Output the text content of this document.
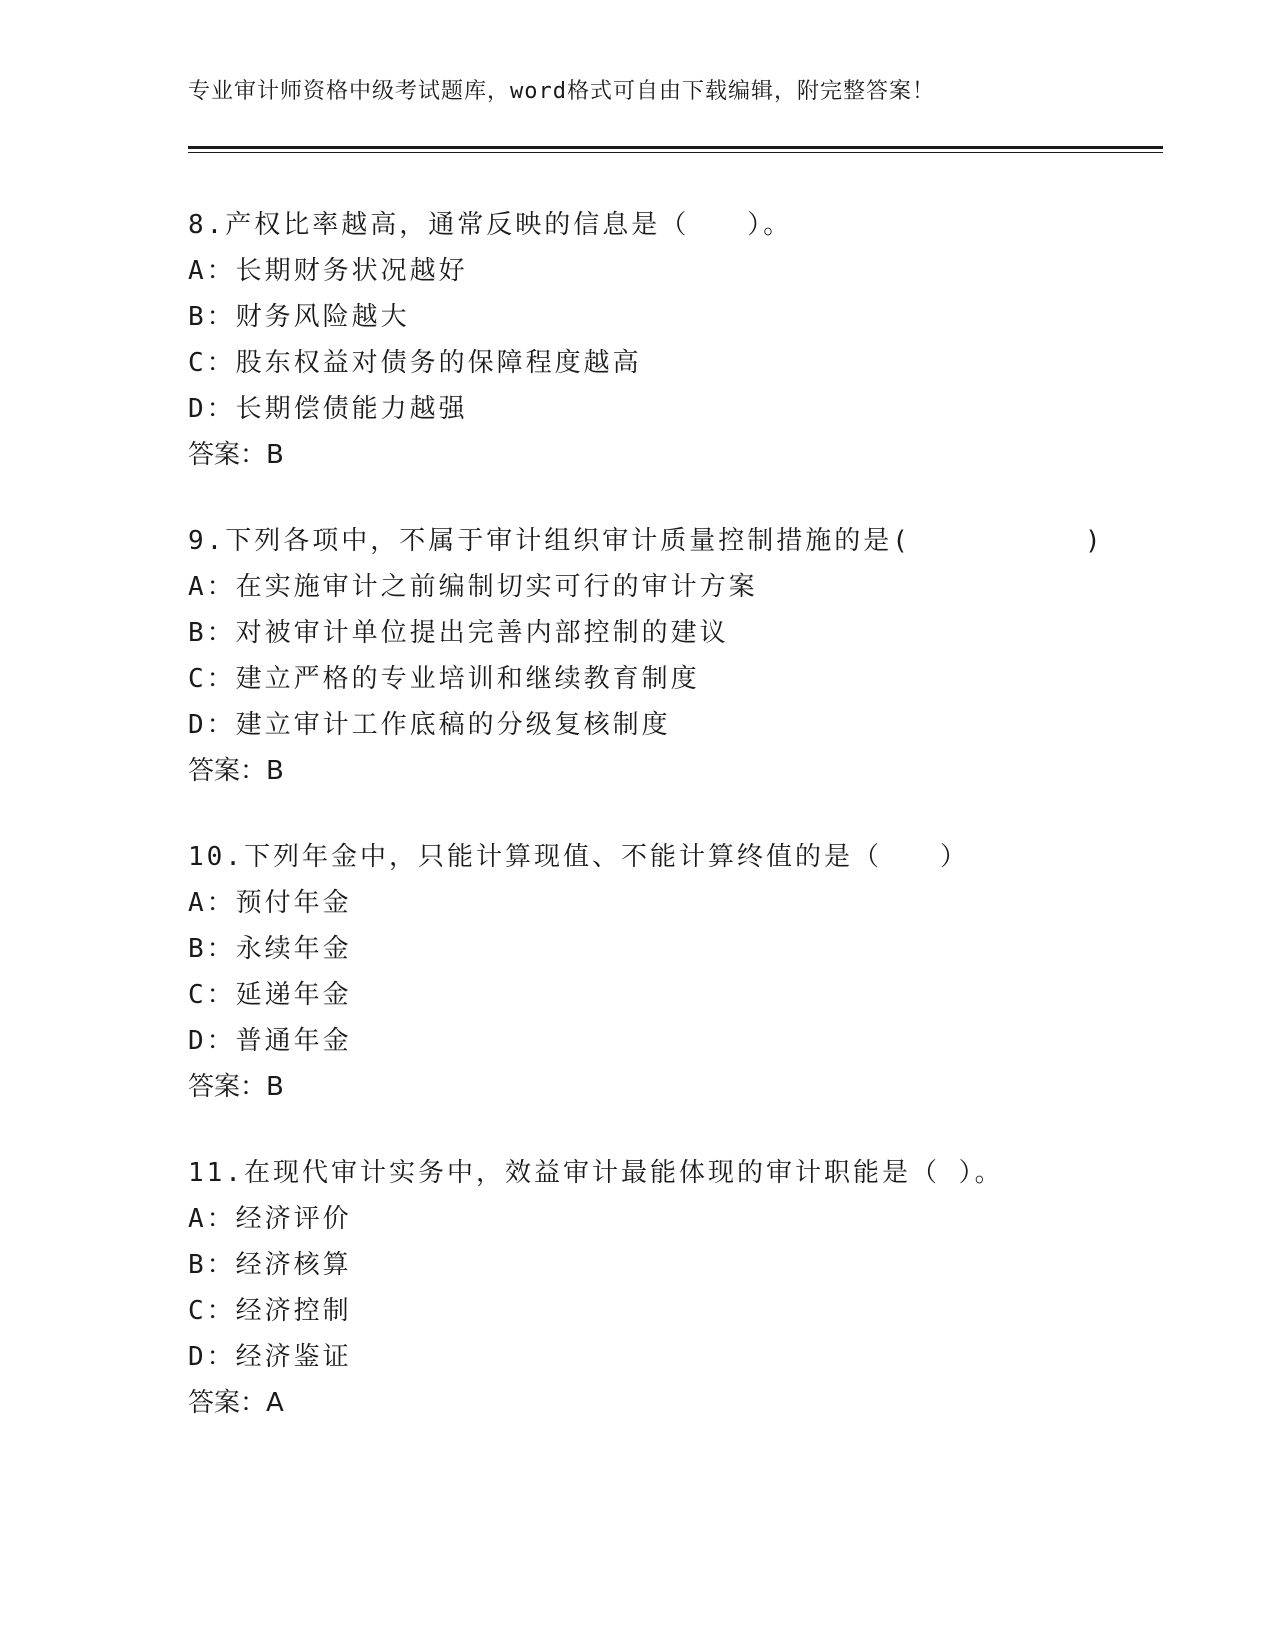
专业审计师资格中级考试题库，word格式可自由下载编辑，附完整答案！
8.产权比率越高，通常反映的信息是（　　）。
A：长期财务状况越好
B：财务风险越大
C：股东权益对债务的保障程度越高
D：长期偿债能力越强
答案：B
9.下列各项中，不属于审计组织审计质量控制措施的是(　　　　　　)
A：在实施审计之前编制切实可行的审计方案
B：对被审计单位提出完善内部控制的建议
C：建立严格的专业培训和继续教育制度
D：建立审计工作底稿的分级复核制度
答案：B
10.下列年金中，只能计算现值、不能计算终值的是（　　）
A：预付年金
B：永续年金
C：延递年金
D：普通年金
答案：B
11.在现代审计实务中，效益审计最能体现的审计职能是（ ）。
A：经济评价
B：经济核算
C：经济控制
D：经济鉴证
答案：A
